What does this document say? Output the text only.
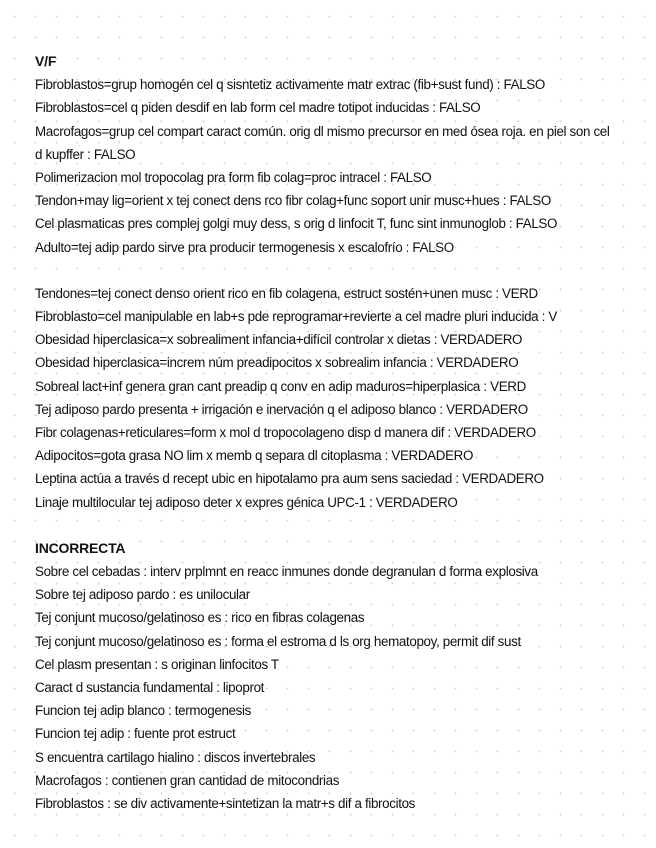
V/F
Fibroblastos=grup homogén cel q sisntetiz activamente matr extrac (fib+sust fund) : FALSO
Fibroblastos=cel q piden desdif en lab form cel madre totipot inducidas : FALSO
Macrofagos=grup cel compart caract común. orig dl mismo precursor en med ósea roja. en piel son cel d kupffer : FALSO
Polimerizacion mol tropocolag pra form fib colag=proc intracel : FALSO
Tendon+may lig=orient x tej conect dens rco fibr colag+func soport unir musc+hues : FALSO
Cel plasmaticas pres complej golgi muy dess, s orig d linfocit T, func sint inmunoglob : FALSO
Adulto=tej adip pardo sirve pra producir termogenesis x escalofrío : FALSO
Tendones=tej conect denso orient rico en fib colagena, estruct sostén+unen musc : VERD
Fibroblasto=cel manipulable en lab+s pde reprogramar+revierte a cel madre pluri inducida : V
Obesidad hiperclasica=x sobrealiment infancia+difícil controlar x dietas : VERDADERO
Obesidad hiperclasica=increm núm preadipocitos x sobrealim infancia : VERDADERO
Sobreal lact+inf genera gran cant preadip q conv en adip maduros=hiperplasica : VERD
Tej adiposo pardo presenta + irrigación e inervación q el adiposo blanco : VERDADERO
Fibr colagenas+reticulares=form x mol d tropocolageno disp d manera dif : VERDADERO
Adipocitos=gota grasa NO lim x memb q separa dl citoplasma : VERDADERO
Leptina actúa a través d recept ubic en hipotalamo pra aum sens saciedad : VERDADERO
Linaje multilocular tej adiposo deter x expres génica UPC-1 : VERDADERO
INCORRECTA
Sobre cel cebadas : interv prplmnt en reacc inmunes donde degranulan d forma explosiva
Sobre tej adiposo pardo : es unilocular
Tej conjunt mucoso/gelatinoso es : rico en fibras colagenas
Tej conjunt mucoso/gelatinoso es : forma el estroma d ls org hematopoy, permit dif sust
Cel plasm presentan : s originan linfocitos T
Caract d sustancia fundamental : lipoprot
Funcion tej adip blanco : termogenesis
Funcion tej adip : fuente prot estruct
S encuentra cartilago hialino : discos invertebrales
Macrofagos : contienen gran cantidad de mitocondrias
Fibroblastos : se div activamente+sintetizan la matr+s dif a fibrocitos
